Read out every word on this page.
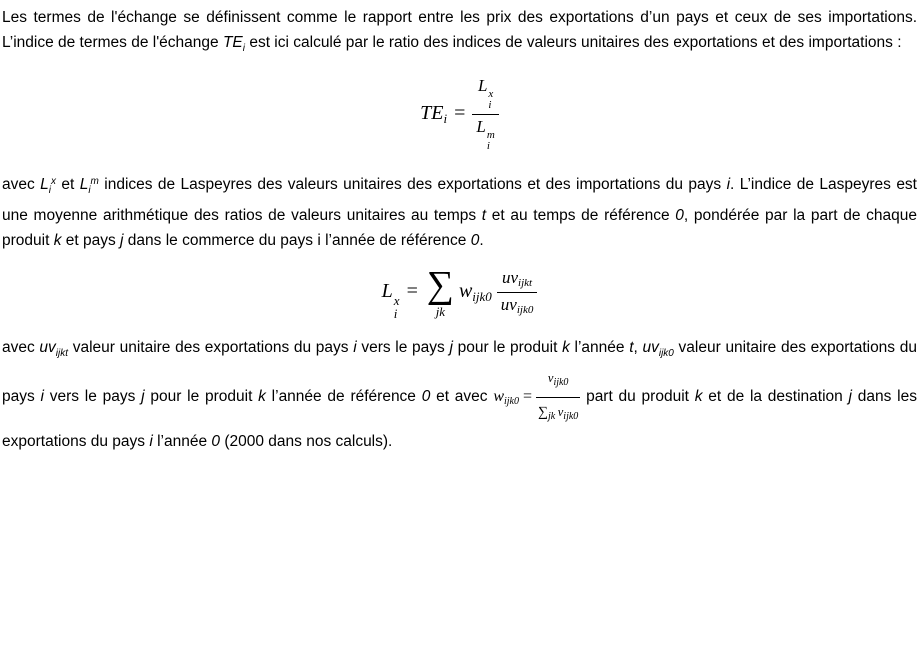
Les termes de l'échange se définissent comme le rapport entre les prix des exportations d’un pays et ceux de ses importations. L’indice de termes de l'échange $TE_i$ est ici calculé par le ratio des indices de valeurs unitaires des exportations et des importations :

$TE_i = L$ x
i
L m
i

avec $L_i^x$ et $L_i^m$ indices de Laspeyres des valeurs unitaires des exportations et des importations du pays i. L’indice de Laspeyres est une moyenne arithmétique des ratios de valeurs unitaires au temps t et au temps de référence 0, pondérée par la part de chaque produit k et pays j dans le commerce du pays i l’année de référence 0.

L x
i
= ∑
jk
$w_{ijk0} \frac{\text{uvijkt}}{\text{uvijk0}}$

avec $uv_{ijkt}$ valeur unitaire des exportations du pays i vers le pays j pour le produit k l’année t, $uv_{ijk0}$ valeur unitaire des exportations du pays i vers le pays j pour le produit k l’année de référence 0 et avec wijk0 = $\frac{v_{ijk0}}{\sum_{jk} v_{ijk0}}$ part du produit k et de la destination j dans les exportations du pays i l’année 0 (2000 dans nos calculs).
